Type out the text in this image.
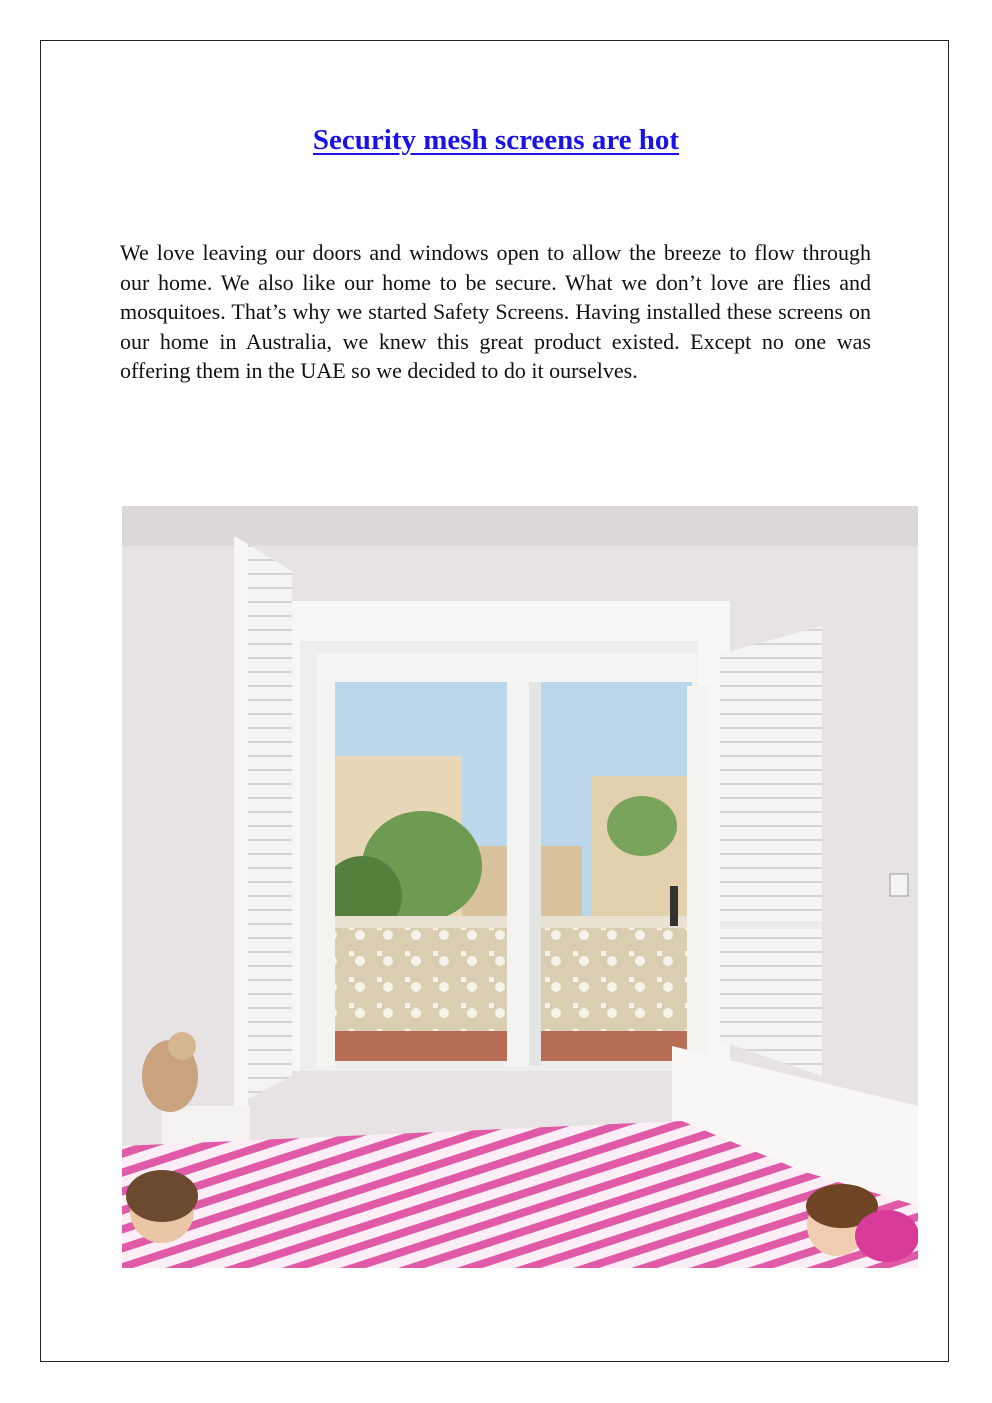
Security mesh screens are hot

We love leaving our doors and windows open to allow the breeze to flow through our home. We also like our home to be secure. What we don’t love are flies and mosquitoes. That’s why we started Safety Screens. Having installed these screens on our home in Australia, we knew this great product existed. Except no one was offering them in the UAE so we decided to do it ourselves.
